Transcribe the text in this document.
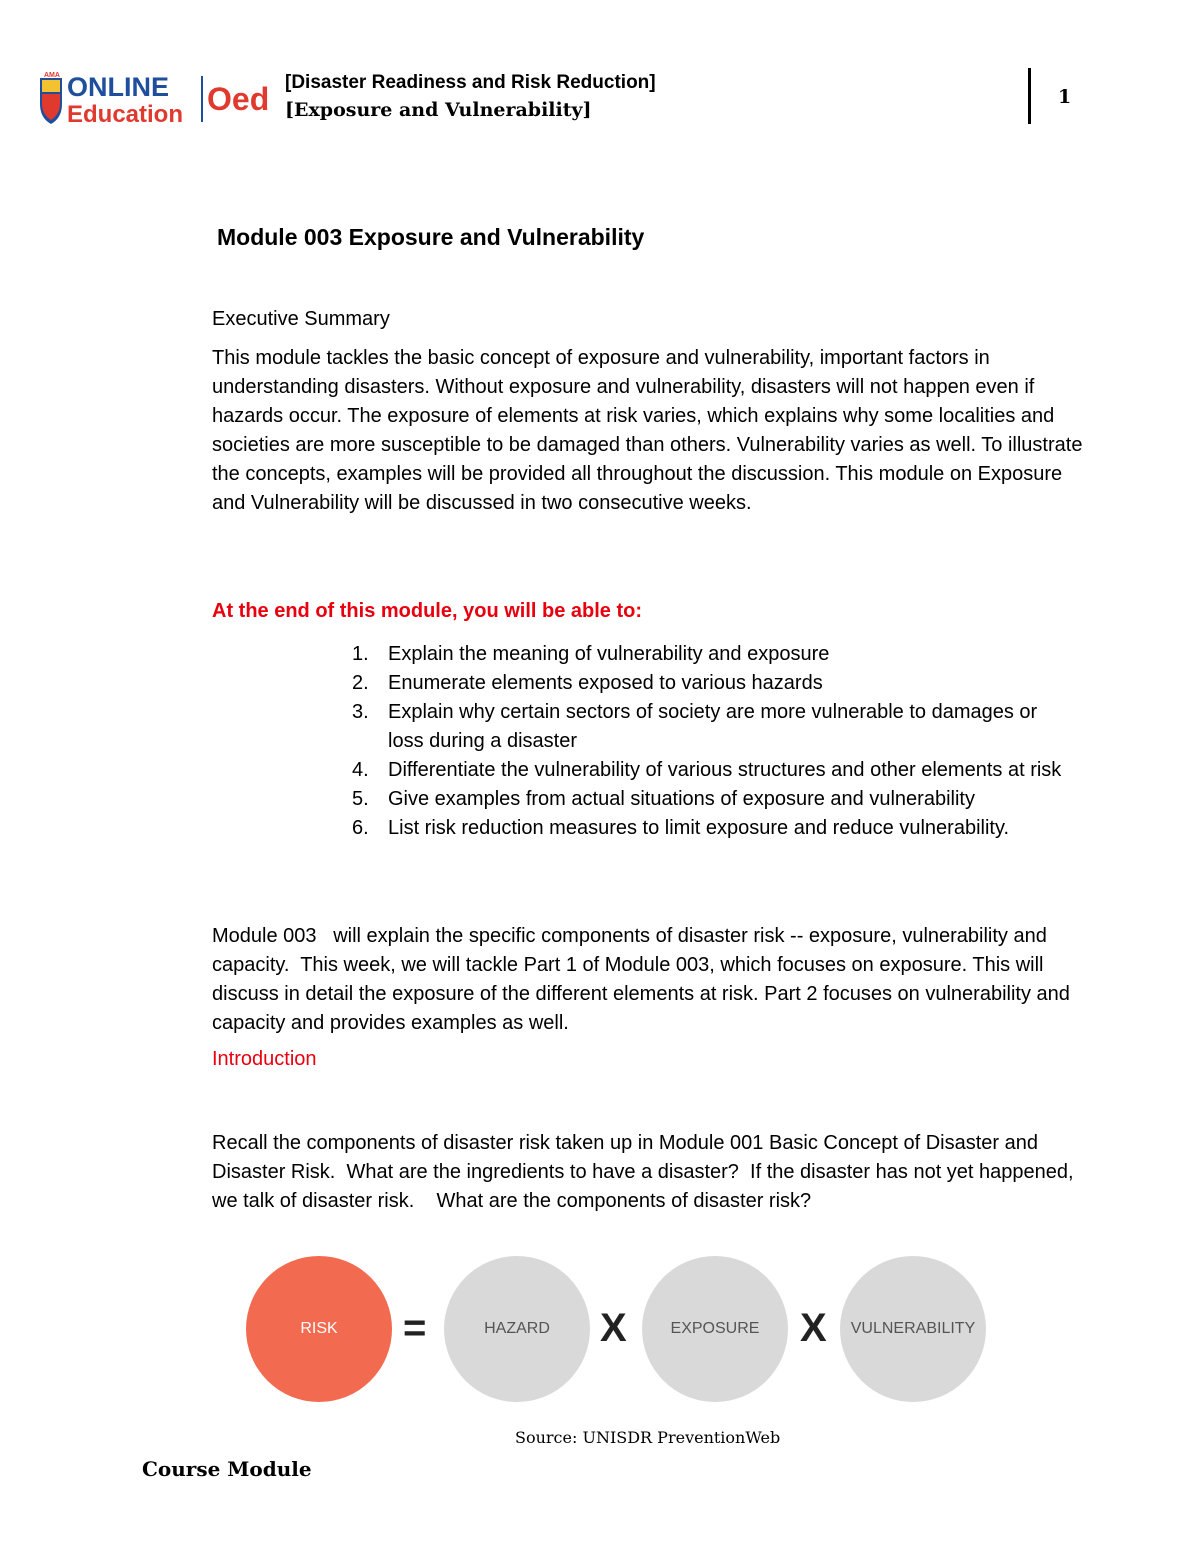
AMA ONLINE
Education Oed [Disaster Readiness and Risk Reduction]
[Exposure and Vulnerability]
1
Module 003 Exposure and Vulnerability
Executive Summary

This module tackles the basic concept of exposure and vulnerability, important factors in understanding disasters. Without exposure and vulnerability, disasters will not happen even if hazards occur. The exposure of elements at risk varies, which explains why some localities and societies are more susceptible to be damaged than others. Vulnerability varies as well. To illustrate the concepts, examples will be provided all throughout the discussion. This module on Exposure and Vulnerability will be discussed in two consecutive weeks.

At the end of this module, you will be able to:
1. Explain the meaning of vulnerability and exposure
2. Enumerate elements exposed to various hazards
3. Explain why certain sectors of society are more vulnerable to damages or loss during a disaster
4. Differentiate the vulnerability of various structures and other elements at risk
5. Give examples from actual situations of exposure and vulnerability
6. List risk reduction measures to limit exposure and reduce vulnerability.

Module 003   will explain the specific components of disaster risk -- exposure, vulnerability and capacity.  This week, we will tackle Part 1 of Module 003, which focuses on exposure. This will discuss in detail the exposure of the different elements at risk. Part 2 focuses on vulnerability and capacity and provides examples as well.

Introduction

Recall the components of disaster risk taken up in Module 001 Basic Concept of Disaster and Disaster Risk.  What are the ingredients to have a disaster?  If the disaster has not yet happened, we talk of disaster risk.    What are the components of disaster risk?

RISK	=	HAZARD	X	EXPOSURE	X	VULNERABILITY
Source: UNISDR PreventionWeb
Course Module
